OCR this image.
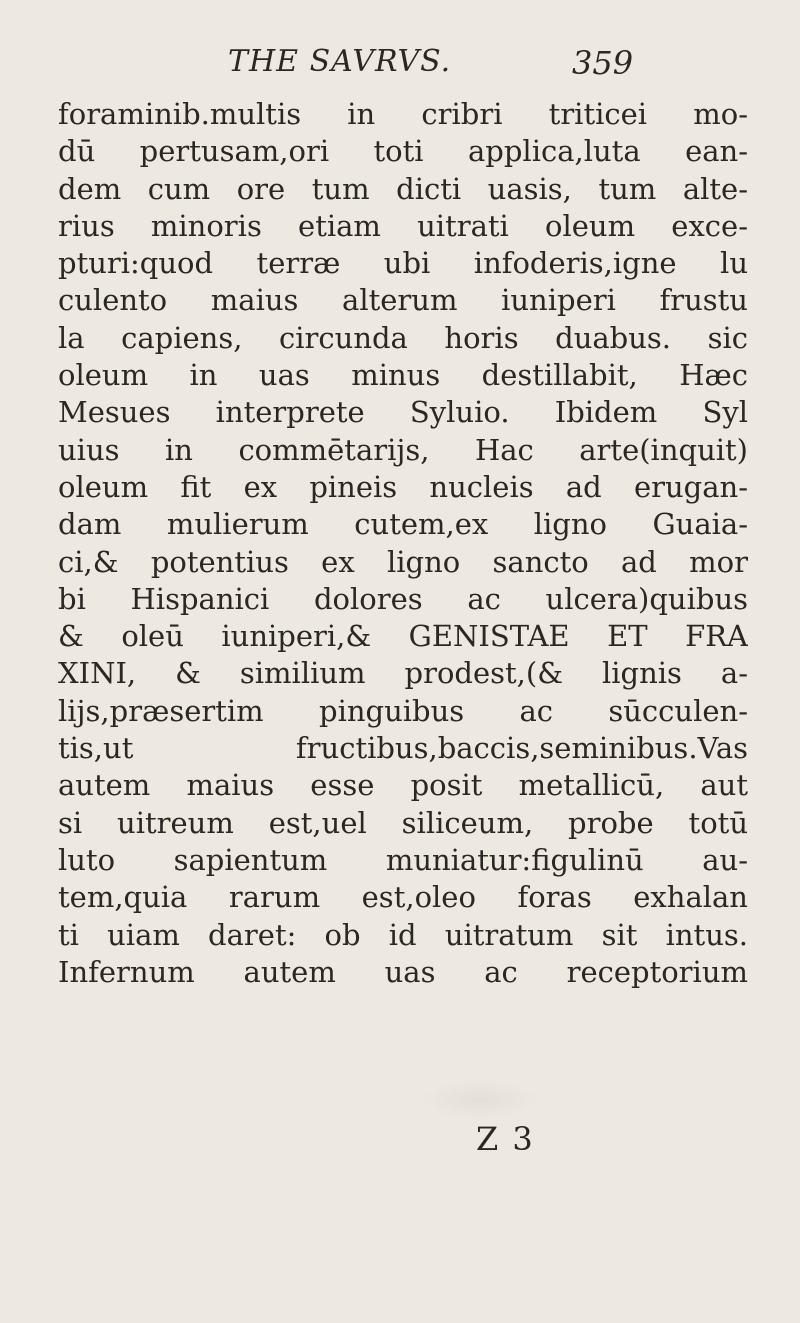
THE SAVRVS.	359
foraminib.multis in cribri triticei mo-
dū pertusam,ori toti applica,luta ean-
dem cum ore tum dicti uasis, tum alte-
rius minoris etiam uitrati oleum exce-
pturi:quod terræ ubi infoderis,igne lu
culento maius alterum iuniperi frustu
la capiens, circunda horis duabus. sic
oleum in uas minus destillabit, Hæc
Mesues interprete Syluio. Ibidem Syl
uius in commētarijs, Hac arte(inquit)
oleum fit ex pineis nucleis ad erugan-
dam mulierum cutem,ex ligno Guaia-
ci,& potentius ex ligno sancto ad mor
bi Hispanici dolores ac ulcera)quibus
& oleū iuniperi,& GENISTAE ET FRA
XINI, & similium prodest,(& lignis a-
lijs,præsertim pinguibus ac sūcculen-
tis,ut fructibus,baccis,seminibus.Vas
autem maius esse posit metallicū, aut
si uitreum est,uel siliceum, probe totū
luto sapientum muniatur:figulinū au-
tem,quia rarum est,oleo foras exhalan
ti uiam daret: ob id uitratum sit intus.
Infernum autem uas ac receptorium
Z 3
